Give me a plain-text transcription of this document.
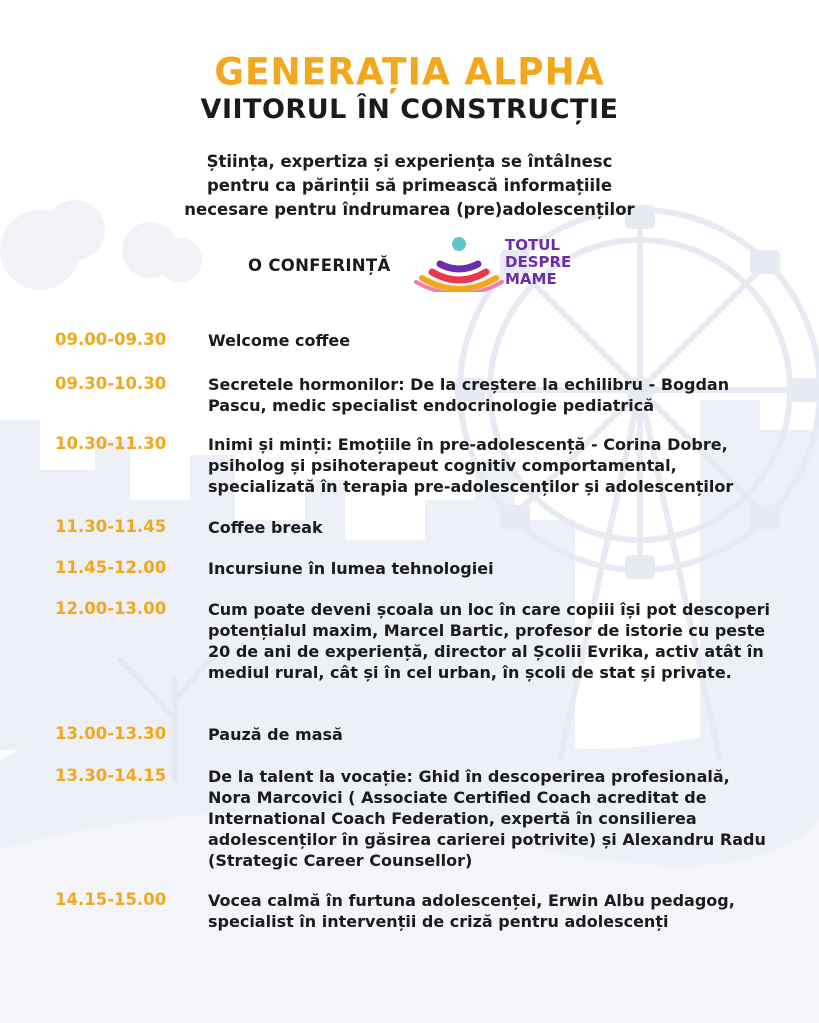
GENERAȚIA ALPHA
VIITORUL ÎN CONSTRUCȚIE
Știința, expertiza și experiența se întâlnesc
pentru ca părinții să primească informațiile
necesare pentru îndrumarea (pre)adolescenților
O CONFERINȚĂ
TOTUL
DESPRE
MAME
09.00-09.30	Welcome coffee
09.30-10.30	Secretele hormonilor: De la creștere la echilibru - Bogdan Pascu, medic specialist endocrinologie pediatrică
10.30-11.30	Inimi și minți: Emoțiile în pre-adolescență - Corina Dobre, psiholog și psihoterapeut cognitiv comportamental, specializată în terapia pre-adolescenților și adolescenților
11.30-11.45	Coffee break
11.45-12.00	Incursiune în lumea tehnologiei
12.00-13.00	Cum poate deveni școala un loc în care copiii își pot descoperi potențialul maxim, Marcel Bartic, profesor de istorie cu peste 20 de ani de experiență, director al Școlii Evrika, activ atât în mediul rural, cât și în cel urban, în școli de stat și private.
13.00-13.30	Pauză de masă
13.30-14.15	De la talent la vocație: Ghid în descoperirea profesională, Nora Marcovici ( Associate Certified Coach acreditat de International Coach Federation, expertă în consilierea adolescenților în găsirea carierei potrivite) și Alexandru Radu (Strategic Career Counsellor)
14.15-15.00	Vocea calmă în furtuna adolescenței, Erwin Albu pedagog, specialist în intervenții de criză pentru adolescenți
